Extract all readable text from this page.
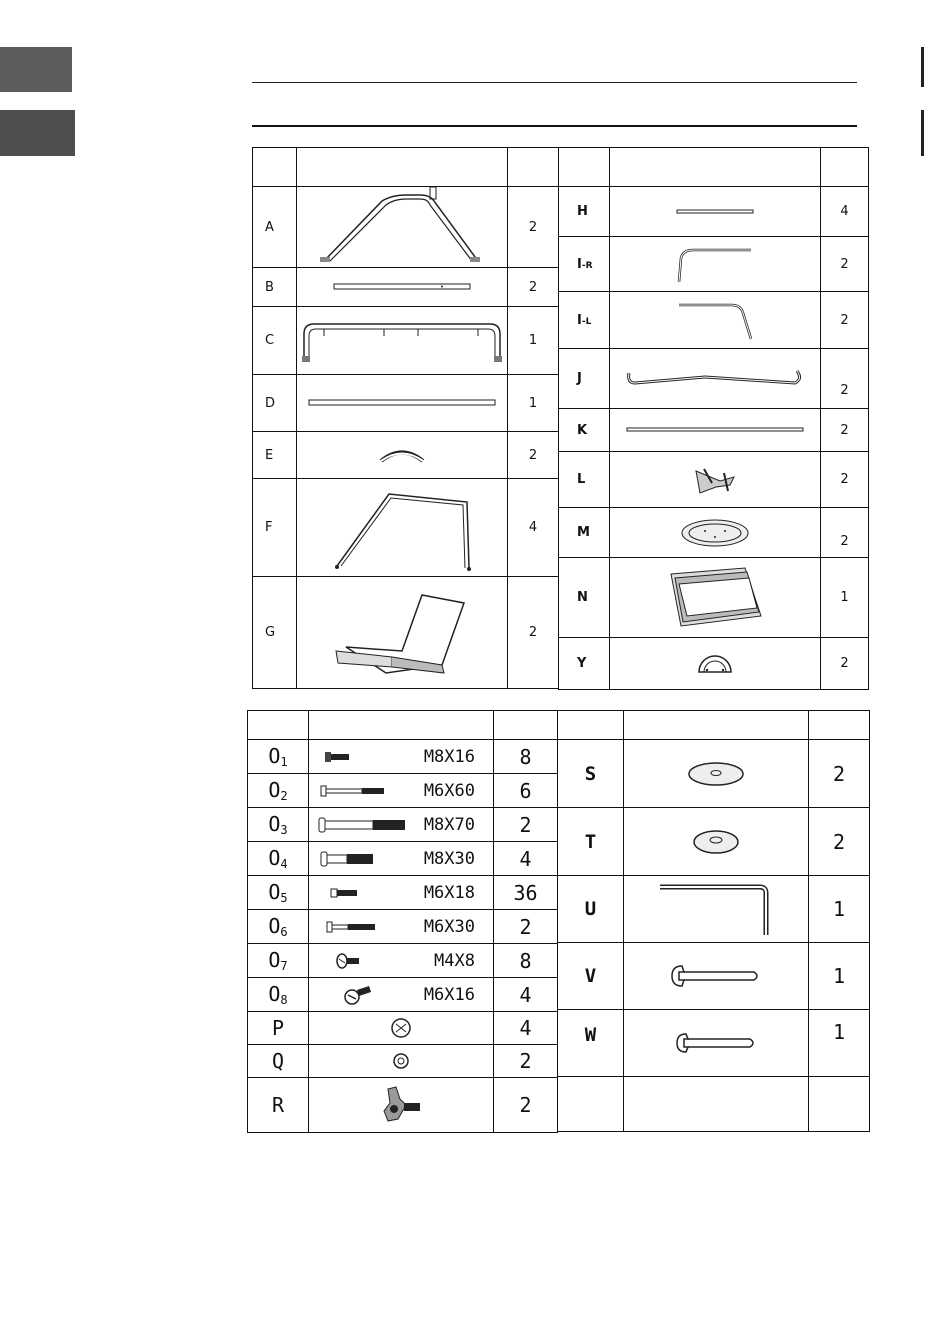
A		2
B		2
C		1
D		1
E		2
F		4
G		2

H		4
I-R		2
I-L		2
J		2
K		2
L		2
M		2
N		1
Y		2

$O_1$	M8X16	8
$O_2$	M6X60	6
$O_3$	M8X70	2
$O_4$	M8X30	4
$O_5$	M6X18	36
$O_6$	M6X30	2
$O_7$	M4X8	8
$O_8$	M6X16	4
P		4
Q		2
R		2

S		2
T		2
U		1
V		1
W		1
